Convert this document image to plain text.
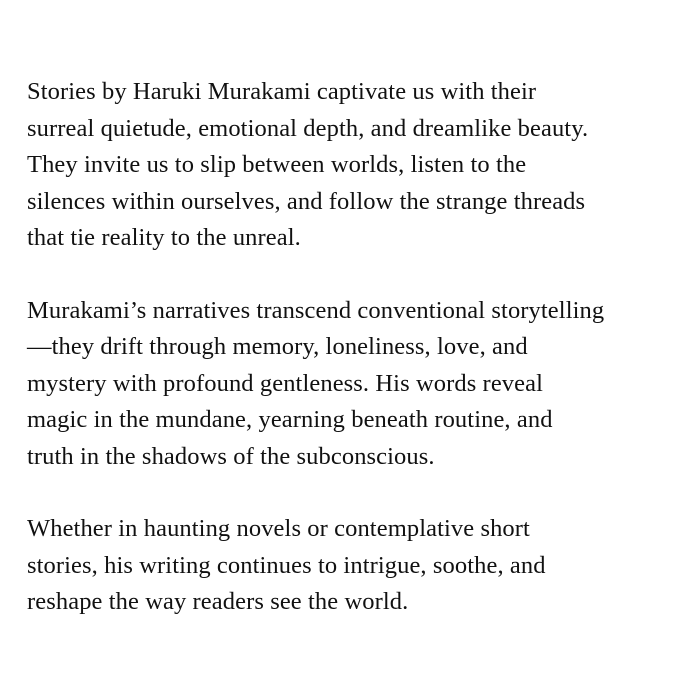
Stories by Haruki Murakami captivate us with their
surreal quietude, emotional depth, and dreamlike beauty.
They invite us to slip between worlds, listen to the
silences within ourselves, and follow the strange threads
that tie reality to the unreal.

Murakami’s narratives transcend conventional storytelling
—they drift through memory, loneliness, love, and
mystery with profound gentleness. His words reveal
magic in the mundane, yearning beneath routine, and
truth in the shadows of the subconscious.

Whether in haunting novels or contemplative short
stories, his writing continues to intrigue, soothe, and
reshape the way readers see the world.
